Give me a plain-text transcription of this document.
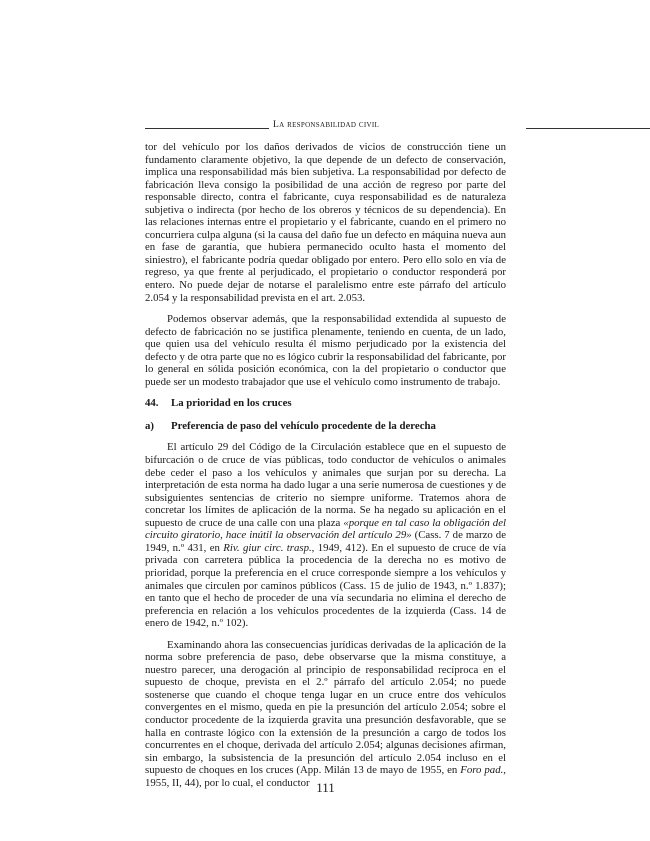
La responsabilidad civil

tor del vehículo por los daños derivados de vicios de construcción tiene un fundamento claramente objetivo, la que depende de un defecto de conservación, implica una responsabilidad más bien subjetiva. La responsabilidad por defecto de fabricación lleva consigo la posibilidad de una acción de regreso por parte del responsable directo, contra el fabricante, cuya responsabilidad es de naturaleza subjetiva o indirecta (por hecho de los obreros y técnicos de su dependencia). En las relaciones internas entre el propietario y el fabricante, cuando en el primero no concurriera culpa alguna (si la causa del daño fue un defecto en máquina nueva aun en fase de garantía, que hubiera permanecido oculto hasta el momento del siniestro), el fabricante podría quedar obligado por entero. Pero ello solo en vía de regreso, ya que frente al perjudicado, el propietario o conductor responderá por entero. No puede dejar de notarse el paralelismo entre este párrafo del artículo 2.054 y la responsabilidad prevista en el art. 2.053.

Podemos observar además, que la responsabilidad extendida al supuesto de defecto de fabricación no se justifica plenamente, teniendo en cuenta, de un lado, que quien usa del vehículo resulta él mismo perjudicado por la existencia del defecto y de otra parte que no es lógico cubrir la responsabilidad del fabricante, por lo general en sólida posición económica, con la del propietario o conductor que puede ser un modesto trabajador que use el vehículo como instrumento de trabajo.

44. La prioridad en los cruces
a) Preferencia de paso del vehículo procedente de la derecha

El artículo 29 del Código de la Circulación establece que en el supuesto de bifurcación o de cruce de vías públicas, todo conductor de vehículos o animales debe ceder el paso a los vehículos y animales que surjan por su derecha. La interpretación de esta norma ha dado lugar a una serie numerosa de cuestiones y de subsiguientes sentencias de criterio no siempre uniforme. Tratemos ahora de concretar los límites de aplicación de la norma. Se ha negado su aplicación en el supuesto de cruce de una calle con una plaza «porque en tal caso la obligación del circuito giratorio, hace inútil la observación del artículo 29» (Cass. 7 de marzo de 1949, n.º 431, en Riv. giur circ. trasp., 1949, 412). En el supuesto de cruce de vía privada con carretera pública la procedencia de la derecha no es motivo de prioridad, porque la preferencia en el cruce corresponde siempre a los vehículos y animales que circulen por caminos públicos (Cass. 15 de julio de 1943, n.º 1.837); en tanto que el hecho de proceder de una vía secundaria no elimina el derecho de preferencia en relación a los vehículos procedentes de la izquierda (Cass. 14 de enero de 1942, n.º 102).

Examinando ahora las consecuencias jurídicas derivadas de la aplicación de la norma sobre preferencia de paso, debe observarse que la misma constituye, a nuestro parecer, una derogación al principio de responsabilidad recíproca en el supuesto de choque, prevista en el 2.º párrafo del artículo 2.054; no puede sostenerse que cuando el choque tenga lugar en un cruce entre dos vehículos convergentes en el mismo, queda en pie la presunción del artículo 2.054; sobre el conductor procedente de la izquierda gravita una presunción desfavorable, que se halla en contraste lógico con la extensión de la presunción a cargo de todos los concurrentes en el choque, derivada del artículo 2.054; algunas decisiones afirman, sin embargo, la subsistencia de la presunción del artículo 2.054 incluso en el supuesto de choques en los cruces (App. Milán 13 de mayo de 1955, en Foro pad., 1955, II, 44), por lo cual, el conductor 111
